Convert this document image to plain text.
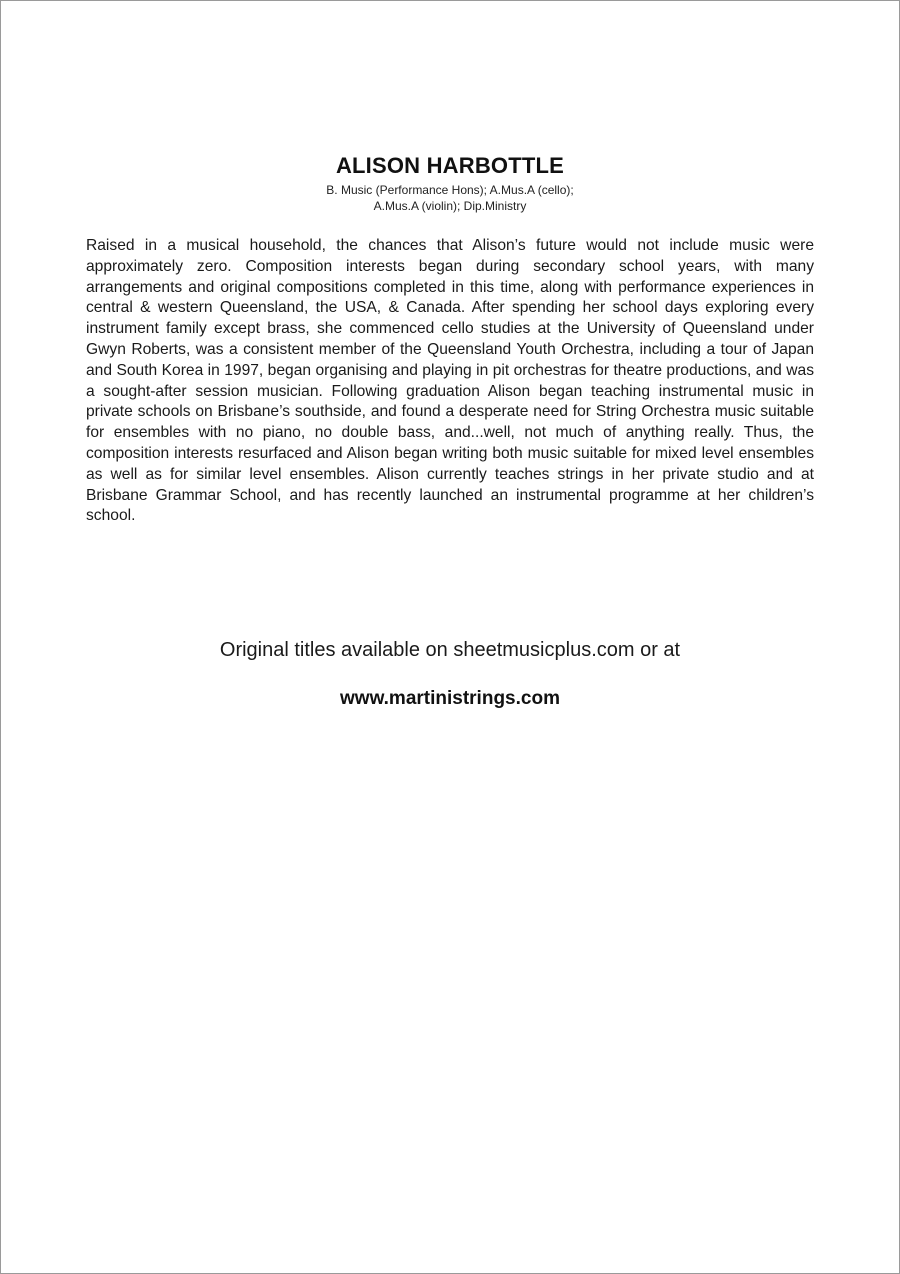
ALISON HARBOTTLE
B. Music (Performance Hons); A.Mus.A (cello);
A.Mus.A (violin); Dip.Ministry

Raised in a musical household, the chances that Alison’s future would not include music were approximately zero. Composition interests began during secondary school years, with many arrangements and original compositions completed in this time, along with performance experiences in central & western Queensland, the USA, & Canada. After spending her school days exploring every instrument family except brass, she commenced cello studies at the University of Queensland under Gwyn Roberts, was a consistent member of the Queensland Youth Orchestra, including a tour of Japan and South Korea in 1997, began organising and playing in pit orchestras for theatre productions, and was a sought-after session musician. Following graduation Alison began teaching instrumental music in private schools on Brisbane’s southside, and found a desperate need for String Orchestra music suitable for ensembles with no piano, no double bass, and...well, not much of anything really. Thus, the composition interests resurfaced and Alison began writing both music suitable for mixed level ensembles as well as for similar level ensembles. Alison currently teaches strings in her private studio and at Brisbane Grammar School, and has recently launched an instrumental programme at her children’s school.

Original titles available on sheetmusicplus.com or at
www.martinistrings.com
